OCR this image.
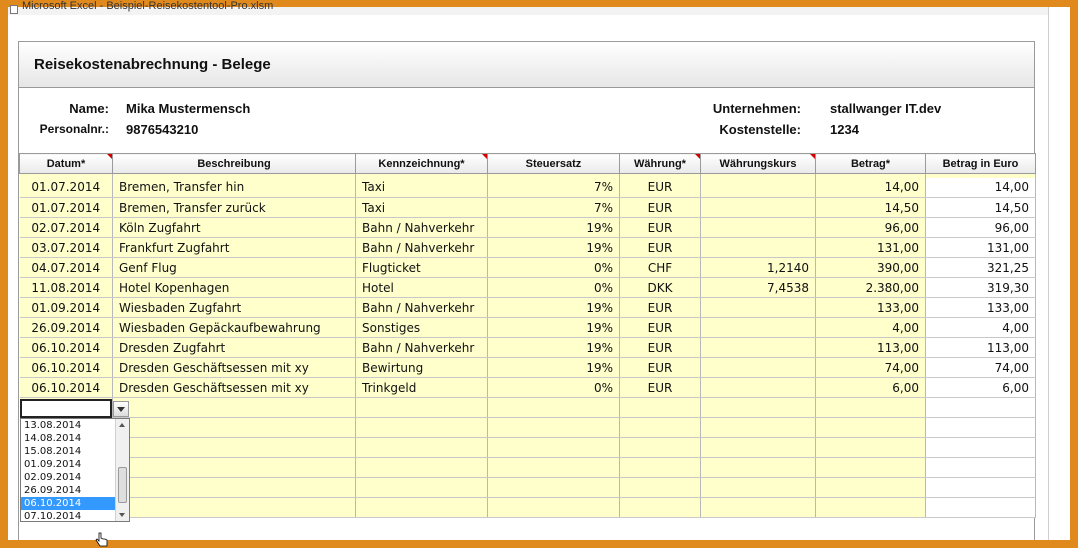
Microsoft Excel - Beispiel-Reisekostentool-Pro.xlsm
Reisekostenabrechnung - Belege
Name: Mika Mustermensch
Personalnr.: 9876543210
Unternehmen: stallwanger IT.dev
Kostenstelle: 1234
Datum*	Beschreibung	Kennzeichnung*	Steuersatz	Währung*	Währungskurs	Betrag*	Betrag in Euro

01.07.2014	Bremen, Transfer hin	Taxi	7%	EUR		14,00	14,00
01.07.2014	Bremen, Transfer zurück	Taxi	7%	EUR		14,50	14,50
02.07.2014	Köln Zugfahrt	Bahn / Nahverkehr	19%	EUR		96,00	96,00
03.07.2014	Frankfurt Zugfahrt	Bahn / Nahverkehr	19%	EUR		131,00	131,00
04.07.2014	Genf Flug	Flugticket	0%	CHF	1,2140	390,00	321,25
11.08.2014	Hotel Kopenhagen	Hotel	0%	DKK	7,4538	2.380,00	319,30
01.09.2014	Wiesbaden Zugfahrt	Bahn / Nahverkehr	19%	EUR		133,00	133,00
26.09.2014	Wiesbaden Gepäckaufbewahrung	Sonstiges	19%	EUR		4,00	4,00
06.10.2014	Dresden Zugfahrt	Bahn / Nahverkehr	19%	EUR		113,00	113,00
06.10.2014	Dresden Geschäftsessen mit xy	Bewirtung	19%	EUR		74,00	74,00
06.10.2014	Dresden Geschäftsessen mit xy	Trinkgeld	0%	EUR		6,00	6,00

13.08.2014
14.08.2014
15.08.2014
01.09.2014
02.09.2014
26.09.2014
06.10.2014
07.10.2014
